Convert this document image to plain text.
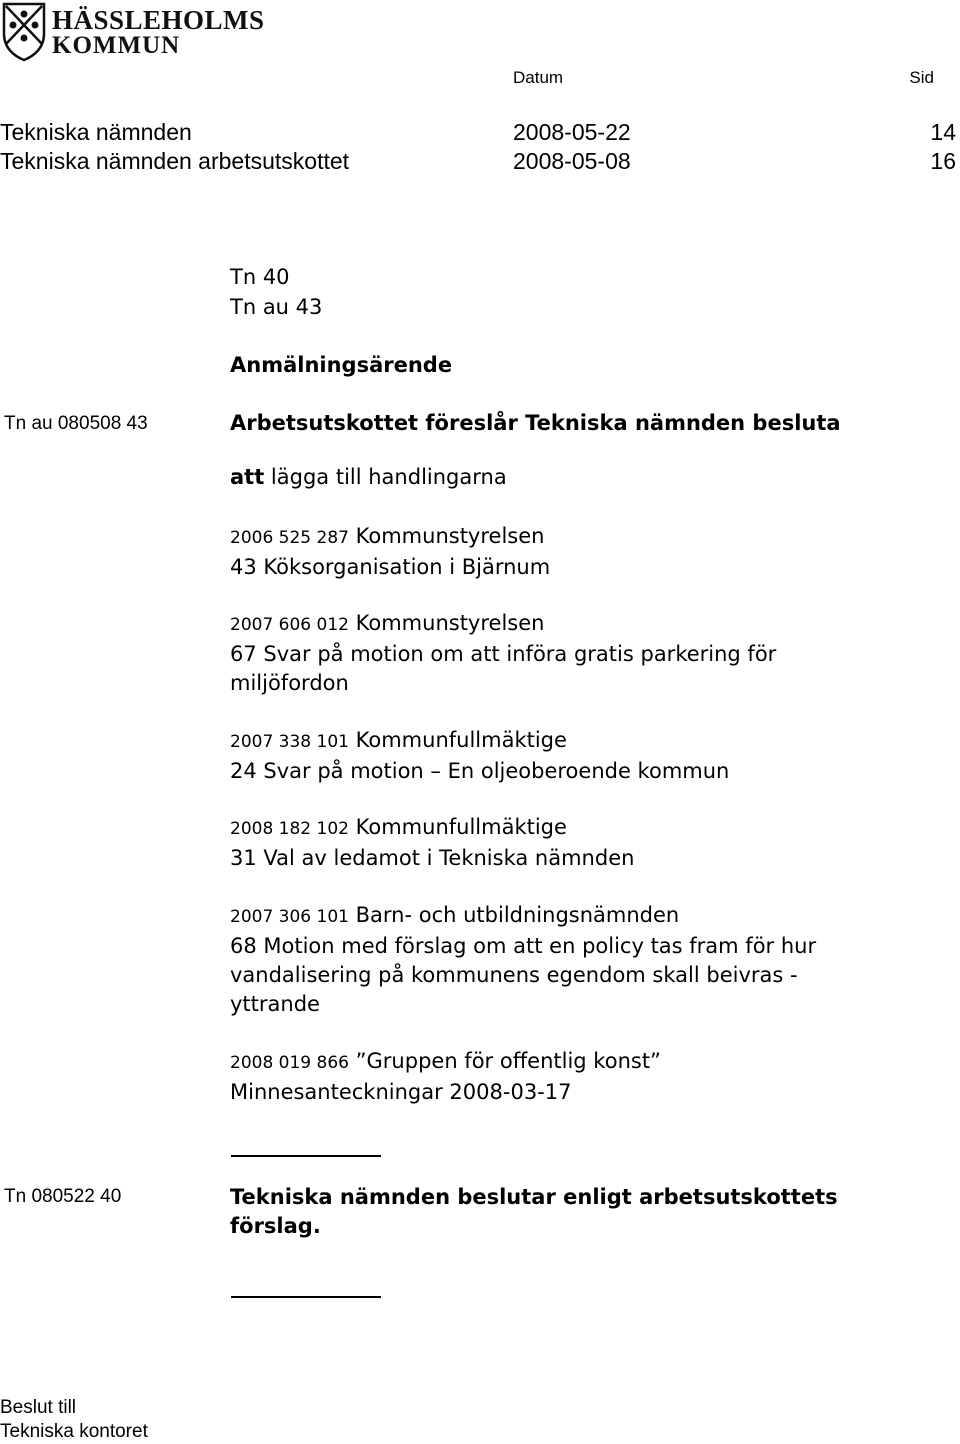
HÄSSLEHOLMS
KOMMUN
Datum	Sid
Tekniska nämnden	2008-05-22	14
Tekniska nämnden arbetsutskottet	2008-05-08	16
Tn 40
Tn au 43
Anmälningsärende
Tn au 080508 43	Arbetsutskottet föreslår Tekniska nämnden besluta
att lägga till handlingarna
2006 525 287 Kommunstyrelsen
43 Köksorganisation i Bjärnum
2007 606 012 Kommunstyrelsen
67 Svar på motion om att införa gratis parkering för
miljöfordon
2007 338 101 Kommunfullmäktige
24 Svar på motion – En oljeoberoende kommun
2008 182 102 Kommunfullmäktige
31 Val av ledamot i Tekniska nämnden
2007 306 101 Barn- och utbildningsnämnden
68 Motion med förslag om att en policy tas fram för hur
vandalisering på kommunens egendom skall beivras -
yttrande
2008 019 866 ”Gruppen för offentlig konst”
Minnesanteckningar 2008-03-17
Tn 080522 40	Tekniska nämnden beslutar enligt arbetsutskottets
förslag.
Beslut till
Tekniska kontoret
